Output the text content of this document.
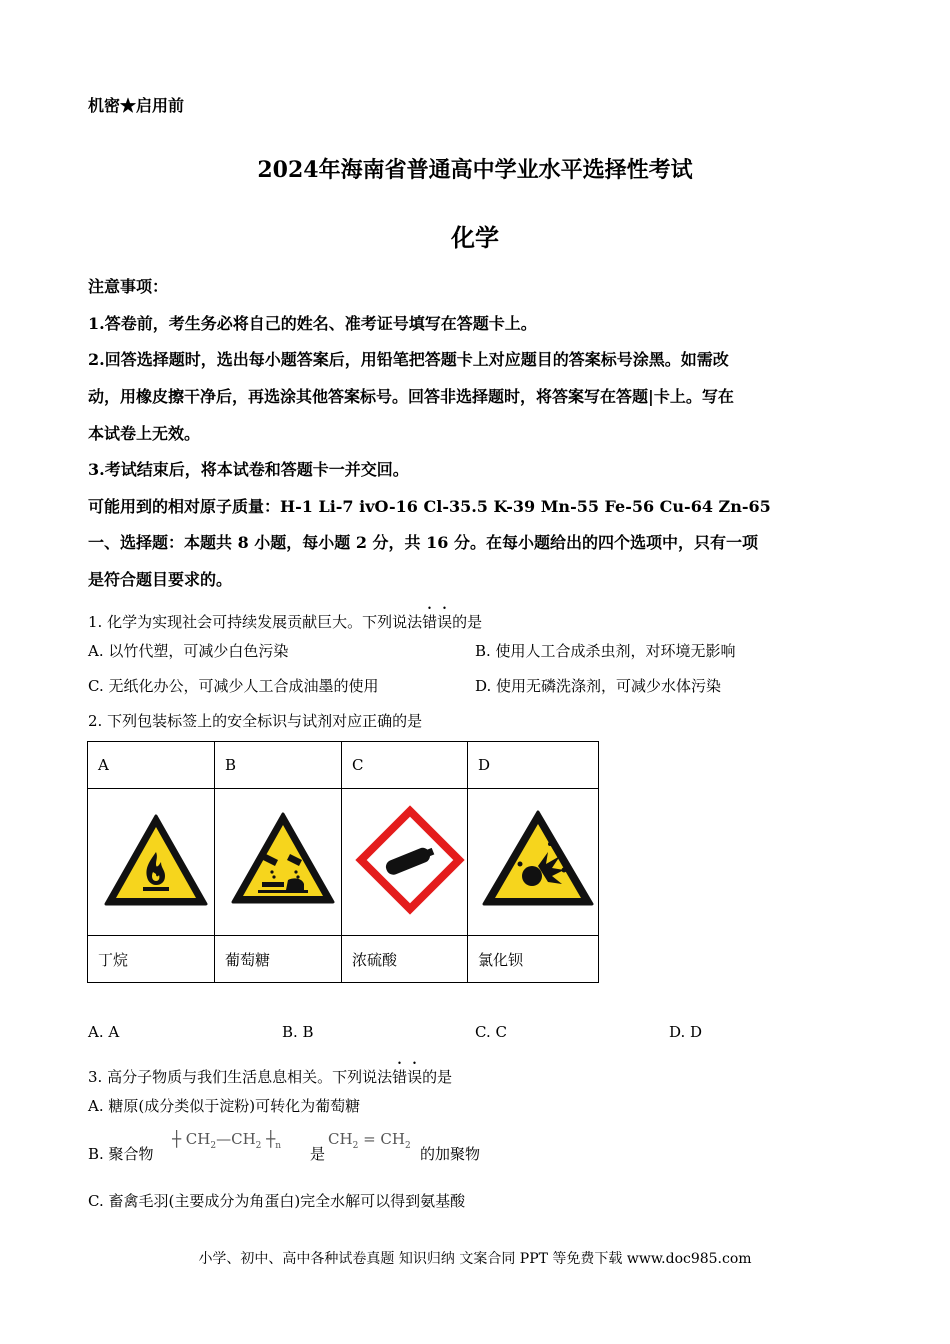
机密★启用前
2024年海南省普通高中学业水平选择性考试
化学
注意事项：
1.答卷前，考生务必将自己的姓名、准考证号填写在答题卡上。
2.回答选择题时，选出每小题答案后，用铅笔把答题卡上对应题目的答案标号涂黑。如需改
动，用橡皮擦干净后，再选涂其他答案标号。回答非选择题时，将答案写在答题|卡上。写在
本试卷上无效。
3.考试结束后，将本试卷和答题卡一并交回。
可能用到的相对原子质量：H-1 Li-7 ivO-16 Cl-35.5 K-39 Mn-55 Fe-56 Cu-64 Zn-65
一、选择题：本题共 8 小题，每小题 2 分，共 16 分。在每小题给出的四个选项中，只有一项
是符合题目要求的。
1. 化学为实现社会可持续发展贡献巨大。下列说法错误的是
A. 以竹代塑，可减少白色污染	B. 使用人工合成杀虫剂，对环境无影响
C. 无纸化办公，可减少人工合成油墨的使用	D. 使用无磷洗涤剂，可减少水体污染
2. 下列包装标签上的安全标识与试剂对应正确的是
A	B	C	D

丁烷	葡萄糖	浓硫酸	氯化钡
A. A	B. B	C. C	D. D
3. 高分子物质与我们生活息息相关。下列说法错误的是
A. 糖原(成分类似于淀粉)可转化为葡萄糖
B. 聚合物
┼ $CH_2—CH_2$ $┼_n$ 是
$CH_2 = CH_2$ 的加聚物
C. 畜禽毛羽(主要成分为角蛋白)完全水解可以得到氨基酸
小学、初中、高中各种试卷真题 知识归纳 文案合同 PPT 等免费下载 www.doc985.com
